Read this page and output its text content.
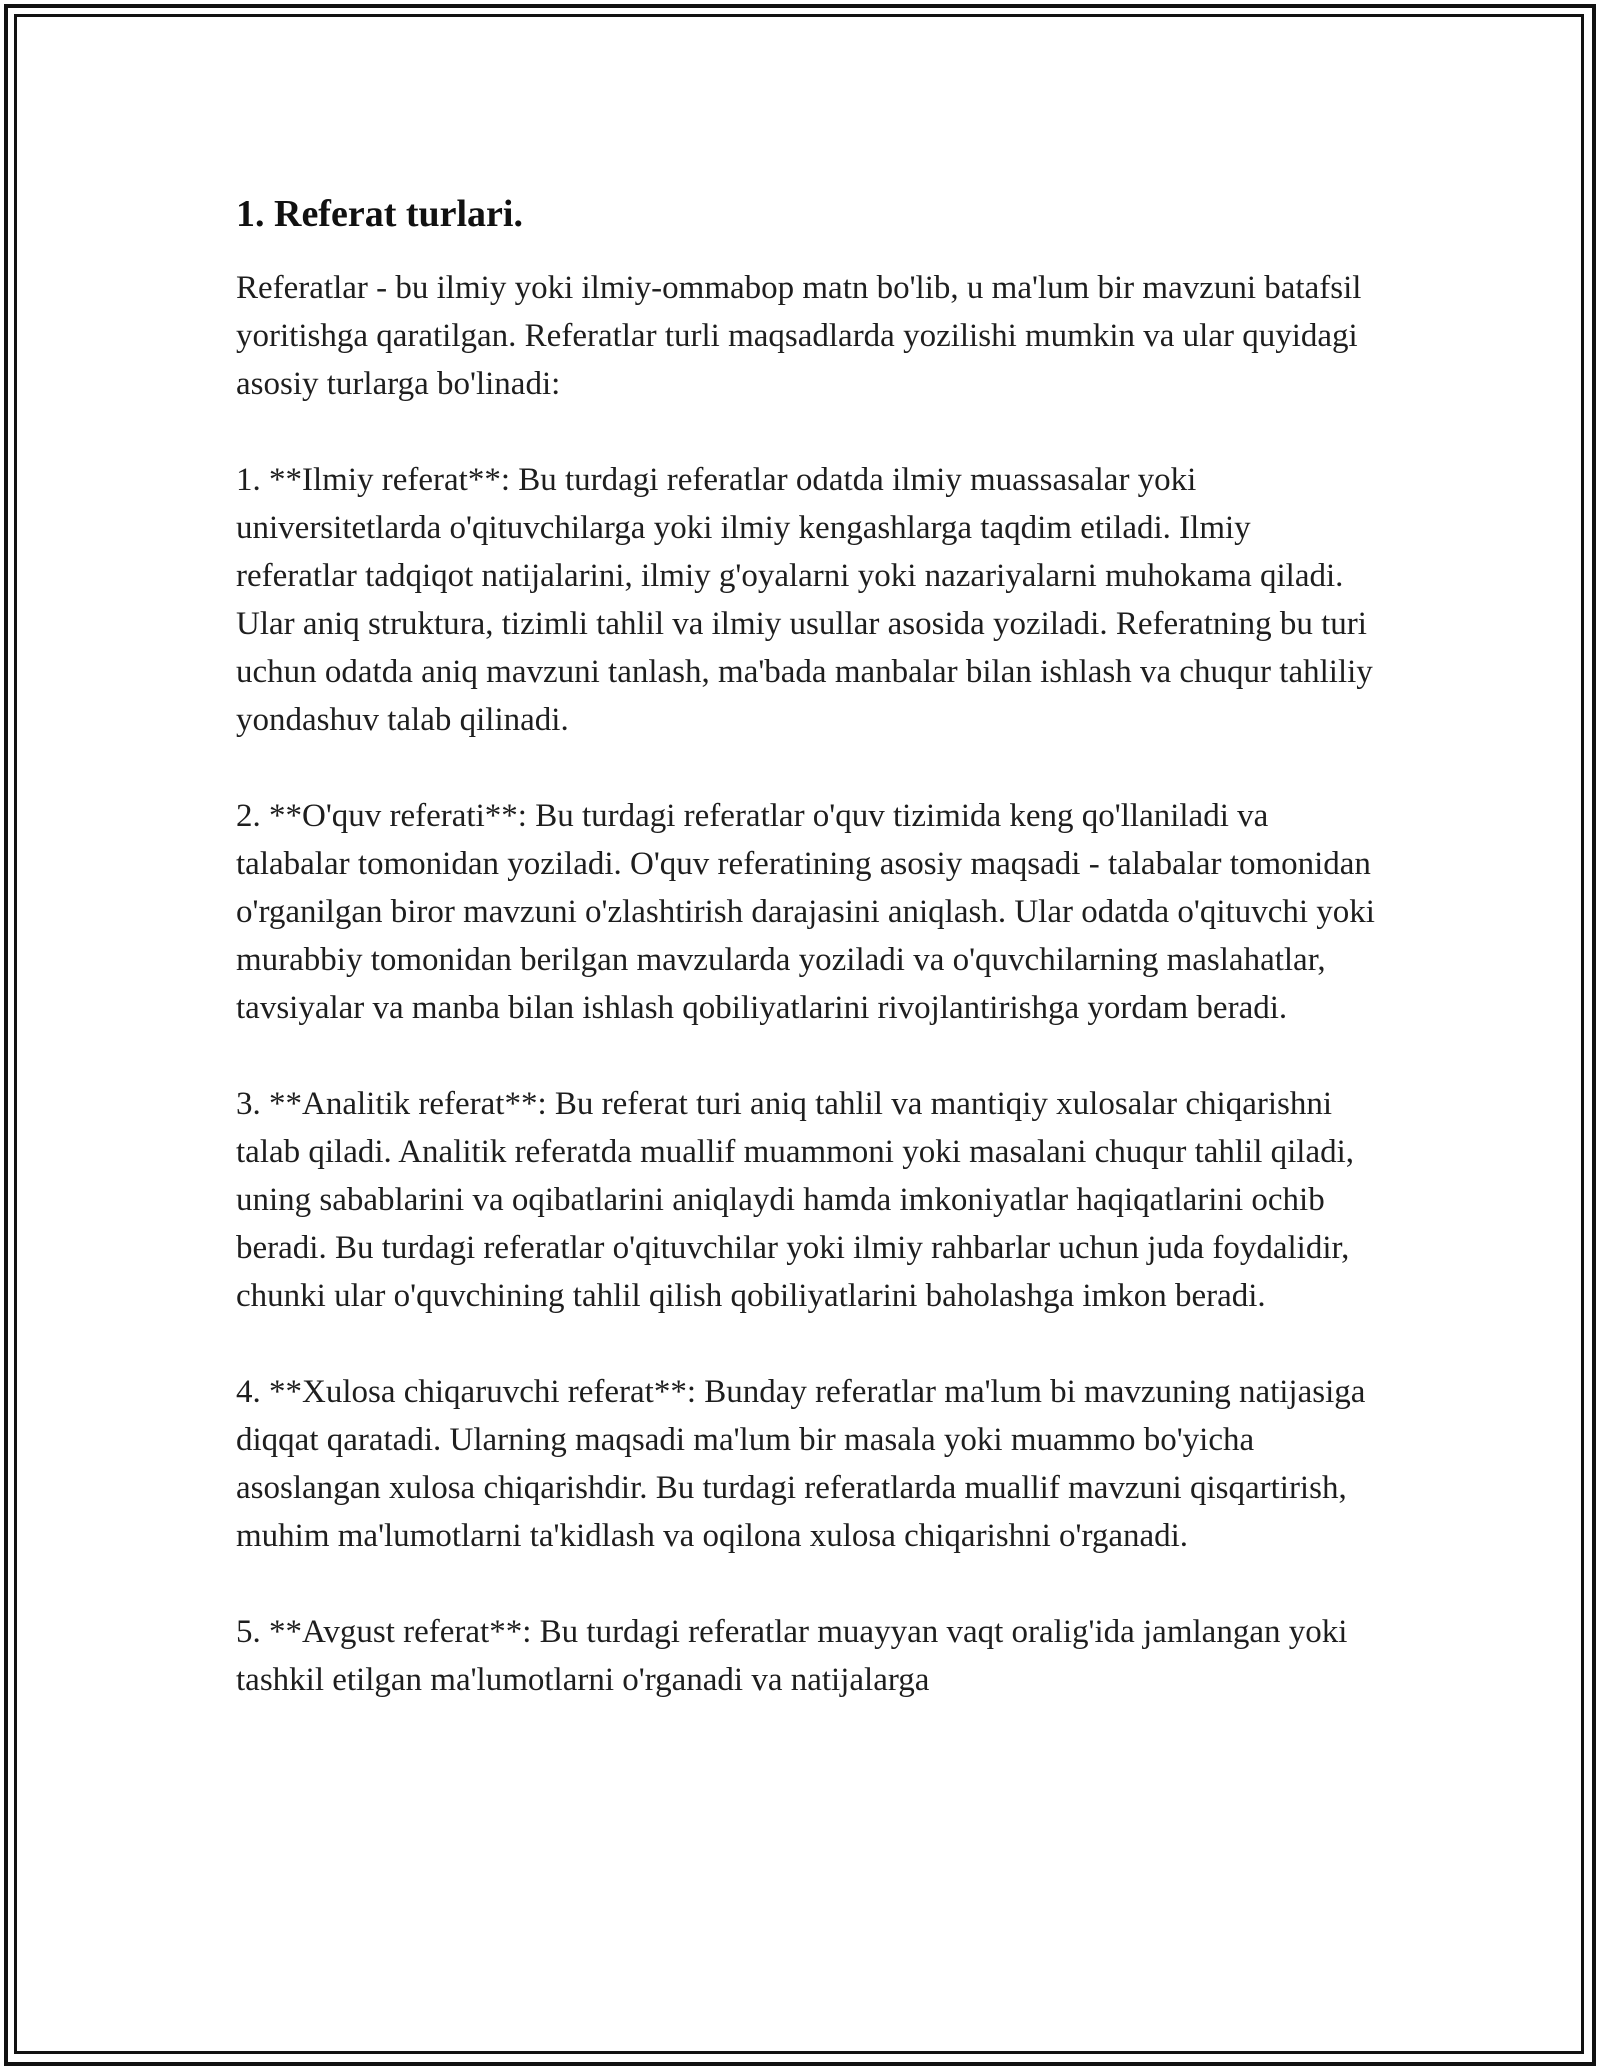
1. Referat turlari.

Referatlar - bu ilmiy yoki ilmiy-ommabop matn bo'lib, u ma'lum bir mavzuni batafsil yoritishga qaratilgan. Referatlar turli maqsadlarda yozilishi mumkin va ular quyidagi asosiy turlarga bo'linadi:

1. **Ilmiy referat**: Bu turdagi referatlar odatda ilmiy muassasalar yoki universitetlarda o'qituvchilarga yoki ilmiy kengashlarga taqdim etiladi. Ilmiy referatlar tadqiqot natijalarini, ilmiy g'oyalarni yoki nazariyalarni muhokama qiladi. Ular aniq struktura, tizimli tahlil va ilmiy usullar asosida yoziladi. Referatning bu turi uchun odatda aniq mavzuni tanlash, ma'bada manbalar bilan ishlash va chuqur tahliliy yondashuv talab qilinadi.

2. **O'quv referati**: Bu turdagi referatlar o'quv tizimida keng qo'llaniladi va talabalar tomonidan yoziladi. O'quv referatining asosiy maqsadi - talabalar tomonidan o'rganilgan biror mavzuni o'zlashtirish darajasini aniqlash. Ular odatda o'qituvchi yoki murabbiy tomonidan berilgan mavzularda yoziladi va o'quvchilarning maslahatlar, tavsiyalar va manba bilan ishlash qobiliyatlarini rivojlantirishga yordam beradi.

3. **Analitik referat**: Bu referat turi aniq tahlil va mantiqiy xulosalar chiqarishni talab qiladi. Analitik referatda muallif muammoni yoki masalani chuqur tahlil qiladi, uning sabablarini va oqibatlarini aniqlaydi hamda imkoniyatlar haqiqatlarini ochib beradi. Bu turdagi referatlar o'qituvchilar yoki ilmiy rahbarlar uchun juda foydalidir, chunki ular o'quvchining tahlil qilish qobiliyatlarini baholashga imkon beradi.

4. **Xulosa chiqaruvchi referat**: Bunday referatlar ma'lum bi mavzuning natijasiga diqqat qaratadi. Ularning maqsadi ma'lum bir masala yoki muammo bo'yicha asoslangan xulosa chiqarishdir. Bu turdagi referatlarda muallif mavzuni qisqartirish, muhim ma'lumotlarni ta'kidlash va oqilona xulosa chiqarishni o'rganadi.

5. **Avgust referat**: Bu turdagi referatlar muayyan vaqt oralig'ida jamlangan yoki tashkil etilgan ma'lumotlarni o'rganadi va natijalarga
